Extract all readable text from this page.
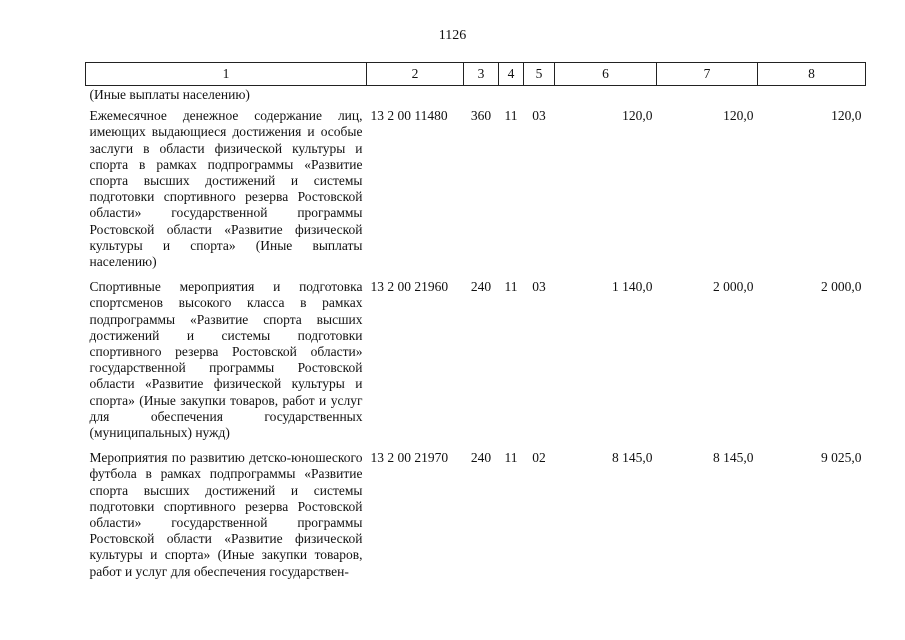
1126
1	2	3	4	5	6	7	8
(Иные выплаты населению)							
Ежемесячное денежное содержание лиц, имеющих выдающиеся достижения и особые заслуги в области физической культуры и спорта в рамках подпрограммы «Развитие спорта высших достижений и системы подготовки спортивного резерва Ростовской области» государственной программы Ростовской области «Развитие физической культуры и спорта» (Иные выплаты населению)	13 2 00 11480	360	11	03	120,0	120,0	120,0
Спортивные мероприятия и подготовка спортсменов высокого класса в рамках подпрограммы «Развитие спорта высших достижений и системы подготовки спортивного резерва Ростовской области» государственной программы Ростовской области «Развитие физической культуры и спорта» (Иные закупки товаров, работ и услуг для обеспечения государственных (муниципальных) нужд)	13 2 00 21960	240	11	03	1 140,0	2 000,0	2 000,0
Мероприятия по развитию детско-юношеского футбола в рамках подпрограммы «Развитие спорта высших достижений и системы подготовки спортивного резерва Ростовской области» государственной программы Ростовской области «Развитие физической культуры и спорта» (Иные закупки товаров, работ и услуг для обеспечения государствен-	13 2 00 21970	240	11	02	8 145,0	8 145,0	9 025,0
